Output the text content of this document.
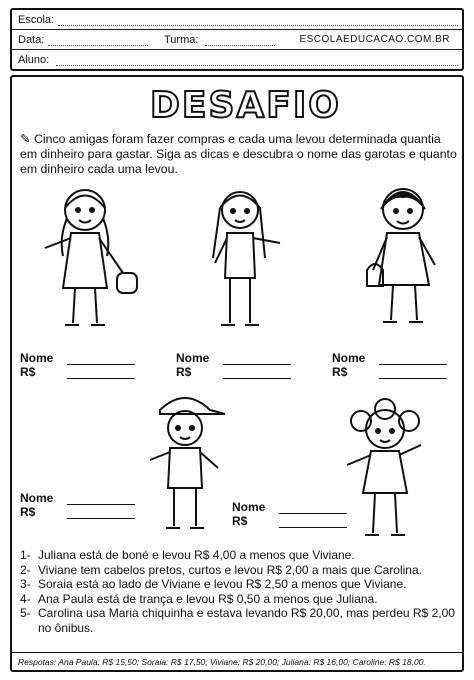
Escola:
Data:	Turma:	ESCOLAEDUCACAO.COM.BR
Aluno:
DESAFIO
✎ Cinco amigas foram fazer compras e cada uma levou determinada quantia em dinheiro para gastar. Siga as dicas e descubra o nome das garotas e quanto em dinheiro cada uma levou.
Nome
R$
Nome
R$
Nome
R$
Nome
R$	Nome
R$
1- Juliana está de boné e levou R$ 4,00 a menos que Viviane.
2- Viviane tem cabelos pretos, curtos e levou R$ 2,00 a mais que Carolina.
3- Soraia está ao lado de Viviane e levou R$ 2,50 a menos que Viviane.
4- Ana Paula está de trança e levou R$ 0,50 a menos que Juliana.
5- Carolina usa Maria chiquinha e estava levando R$ 20,00, mas perdeu R$ 2,00 no ônibus.
Respotas: Ana Paula: R$ 15,50; Soraia: R$ 17,50; Viviane: R$ 20,00; Juliana: R$ 16,00; Caroline: R$ 18,00.
